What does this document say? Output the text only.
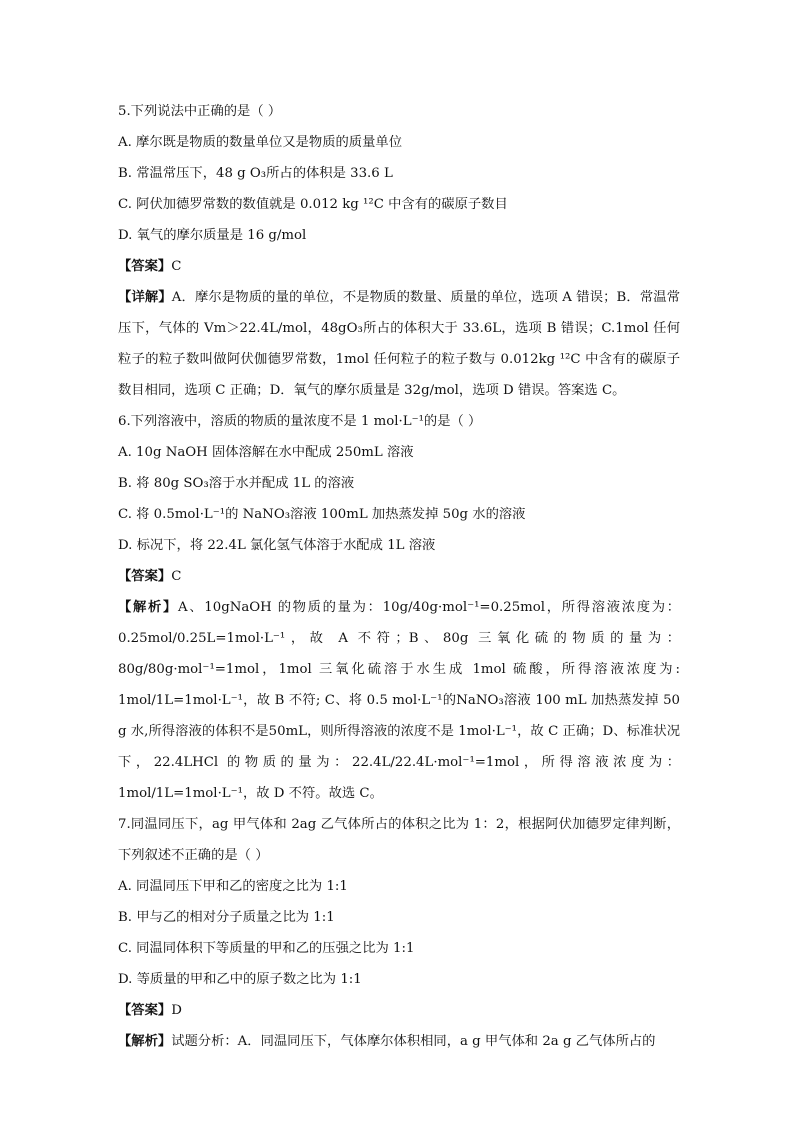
5.下列说法中正确的是（ ）
A. 摩尔既是物质的数量单位又是物质的质量单位
B. 常温常压下，48 g O₃所占的体积是 33.6 L
C. 阿伏加德罗常数的数值就是 0.012 kg ¹²C 中含有的碳原子数目
D. 氧气的摩尔质量是 16 g/mol
【答案】C
【详解】A．摩尔是物质的量的单位，不是物质的数量、质量的单位，选项 A 错误；B．常温常压下，气体的 Vm＞22.4L/mol，48gO₃所占的体积大于 33.6L，选项 B 错误；C.1mol 任何粒子的粒子数叫做阿伏伽德罗常数，1mol 任何粒子的粒子数与 0.012kg ¹²C 中含有的碳原子数目相同，选项 C 正确；D．氧气的摩尔质量是 32g/mol，选项 D 错误。答案选 C。
6.下列溶液中，溶质的物质的量浓度不是 1 mol·L⁻¹的是（ ）
A. 10g NaOH 固体溶解在水中配成 250mL 溶液
B. 将 80g SO₃溶于水并配成 1L 的溶液
C. 将 0.5mol·L⁻¹的 NaNO₃溶液 100mL 加热蒸发掉 50g 水的溶液
D. 标况下，将 22.4L 氯化氢气体溶于水配成 1L 溶液
【答案】C
【解析】A、10gNaOH 的物质的量为：10g/40g·mol⁻¹=0.25mol，所得溶液浓度为：0.25mol/0.25L=1mol·L⁻¹，故 A 不符；B、80g 三氧化硫的物质的量为：80g/80g·mol⁻¹=1mol，1mol 三氧化硫溶于水生成 1mol 硫酸，所得溶液浓度为: 1mol/1L=1mol·L⁻¹，故 B 不符; C、将 0.5 mol·L⁻¹的NaNO₃溶液 100 mL 加热蒸发掉 50 g 水,所得溶液的体积不是50mL，则所得溶液的浓度不是 1mol·L⁻¹，故 C 正确；D、标准状况下，22.4LHCl 的物质的量为：22.4L/22.4L·mol⁻¹=1mol，所得溶液浓度为：1mol/1L=1mol·L⁻¹，故 D 不符。故选 C。
7.同温同压下，ag 甲气体和 2ag 乙气体所占的体积之比为 1：2，根据阿伏加德罗定律判断，下列叙述不正确的是（ ）
A. 同温同压下甲和乙的密度之比为 1:1
B. 甲与乙的相对分子质量之比为 1:1
C. 同温同体积下等质量的甲和乙的压强之比为 1:1
D. 等质量的甲和乙中的原子数之比为 1:1
【答案】D
【解析】试题分析：A．同温同压下，气体摩尔体积相同，a g 甲气体和 2a g 乙气体所占的
